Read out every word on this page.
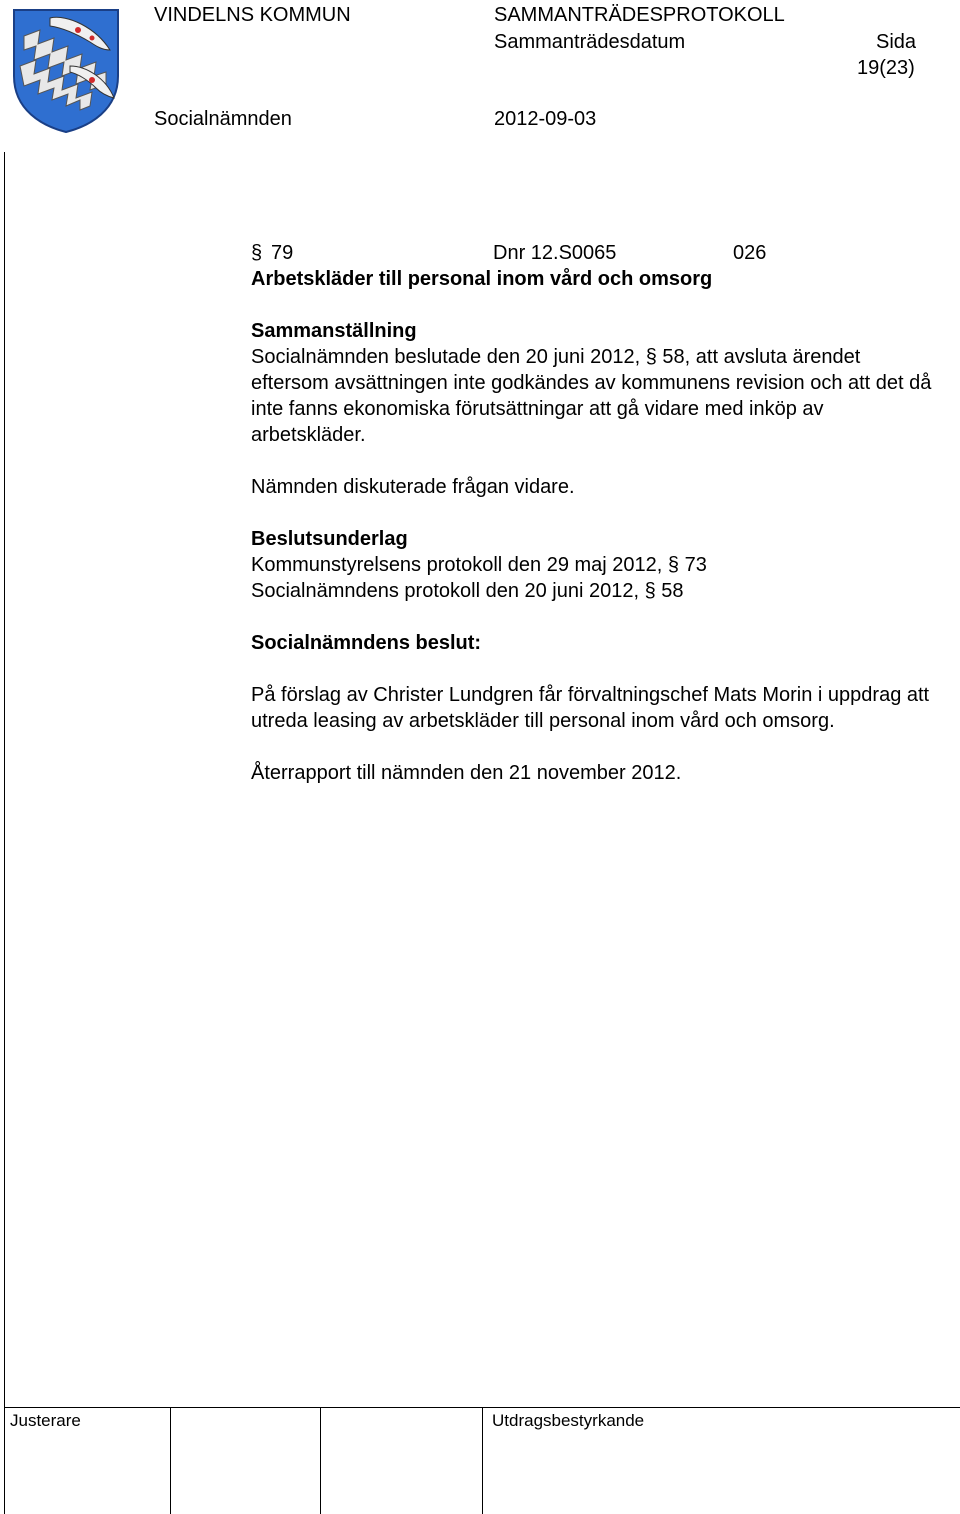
VINDELNS KOMMUN	SAMMANTRÄDESPROTOKOLL
Sammanträdesdatum	Sida
19(23)
Socialnämnden	2012-09-03
§ 79	Dnr 12.S0065	026

Arbetskläder till personal inom vård och omsorg

Sammanställning

Socialnämnden beslutade den 20 juni 2012, § 58, att avsluta ärendet eftersom avsättningen inte godkändes av kommunens revision och att det då inte fanns ekonomiska förutsättningar att gå vidare med inköp av arbetskläder.

Nämnden diskuterade frågan vidare.

Beslutsunderlag

Kommunstyrelsens protokoll den 29 maj 2012, § 73

Socialnämndens protokoll den 20 juni 2012, § 58

Socialnämndens beslut:

På förslag av Christer Lundgren får förvaltningschef Mats Morin i uppdrag att utreda leasing av arbetskläder till personal inom vård och omsorg.

Återrapport till nämnden den 21 november 2012.

Justerare	Utdragsbestyrkande
